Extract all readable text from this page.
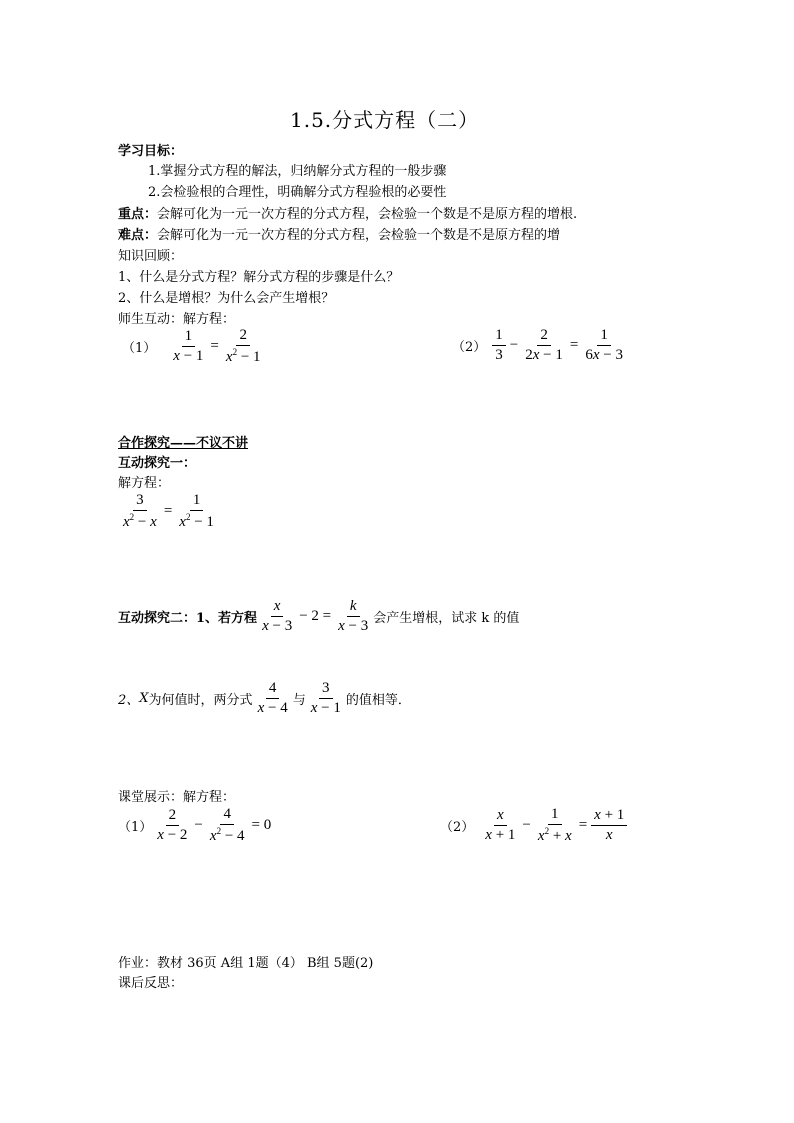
1.5.分式方程（二）
学习目标：
1.掌握分式方程的解法，归纳解分式方程的一般步骤
2.会检验根的合理性，明确解分式方程验根的必要性
重点：会解可化为一元一次方程的分式方程，会检验一个数是不是原方程的增根.
难点：会解可化为一元一次方程的分式方程，会检验一个数是不是原方程的增
知识回顾：
1、什么是分式方程？解分式方程的步骤是什么？
2、什么是增根？为什么会产生增根？
师生互动：解方程：
$(1) \frac{1}{x - 1} = \frac{2}{x^2 - 1}$	$(2) \frac{1}{3} - \frac{2}{2x - 1} = \frac{1}{6x - 3}$
合作探究——不议不讲
互动探究一：
解方程：
$\frac{3}{x^2 - x} = \frac{1}{x^2 - 1}$
互动探究二： 1、若方程 $\frac{x}{x - 3} - 2 = \frac{k}{x - 3}$ 会产生增根，试求 k 的值
2、 X 为何值时，两分式 $\frac{4}{x - 4}$ 与 $\frac{3}{x - 1}$ 的值相等．
课堂展示：解方程：
$(1) \frac{2}{x - 2} - \frac{4}{x^2 - 4} = 0$	$(2) \frac{x}{x + 1} - \frac{1}{x^2 + x} = \frac{x + 1}{x}$
作业：教材 36页 A组 1题（4） B组 5题(2)
课后反思：
